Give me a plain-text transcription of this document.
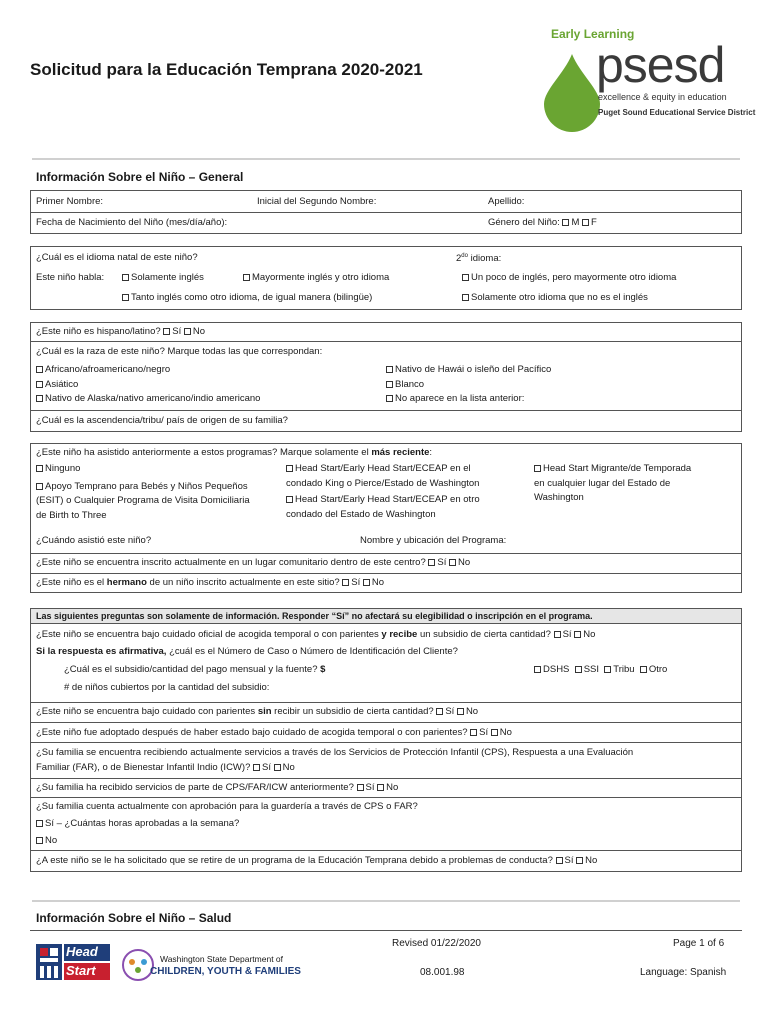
Solicitud para la Educación Temprana 2020-2021
Early Learning
psesd
excellence & equity in education
Puget Sound Educational Service District
Información Sobre el Niño – General
Primer Nombre:	Inicial del Segundo Nombre:	Apellido:
Fecha de Nacimiento del Niño (mes/día/año):	Género del Niño: M F
¿Cuál es el idioma natal de este niño?	$2^{do}$ idioma:
Este niño habla:	Solamente inglés	Mayormente inglés y otro idioma	Un poco de inglés, pero mayormente otro idioma
Tanto inglés como otro idioma, de igual manera (bilingüe)	Solamente otro idioma que no es el inglés
¿Este niño es hispano/latino? Sí No
¿Cuál es la raza de este niño? Marque todas las que correspondan:
Africano/afroamericano/negro
Asiático
Nativo de Alaska/nativo americano/indio americano
Nativo de Hawái o isleño del Pacífico
Blanco
No aparece en la lista anterior:
¿Cuál es la ascendencia/tribu/ país de origen de su familia?
¿Este niño ha asistido anteriormente a estos programas? Marque solamente el más reciente:
Ninguno
Apoyo Temprano para Bebés y Niños Pequeños
(ESIT) o Cualquier Programa de Visita Domiciliaria
de Birth to Three
Head Start/Early Head Start/ECEAP en el
condado King o Pierce/Estado de Washington
Head Start/Early Head Start/ECEAP en otro
condado del Estado de Washington
Head Start Migrante/de Temporada
en cualquier lugar del Estado de
Washington
¿Cuándo asistió este niño?	Nombre y ubicación del Programa:
¿Este niño se encuentra inscrito actualmente en un lugar comunitario dentro de este centro? Sí No
¿Este niño es el hermano de un niño inscrito actualmente en este sitio? Sí No
Las siguientes preguntas son solamente de información. Responder “Sí” no afectará su elegibilidad o inscripción en el programa.
¿Este niño se encuentra bajo cuidado oficial de acogida temporal o con parientes y recibe un subsidio de cierta cantidad? Sí No
Si la respuesta es afirmativa, ¿cuál es el Número de Caso o Número de Identificación del Cliente?
¿Cuál es el subsidio/cantidad del pago mensual y la fuente? $	DSHS SSI Tribu Otro
# de niños cubiertos por la cantidad del subsidio:
¿Este niño se encuentra bajo cuidado con parientes sin recibir un subsidio de cierta cantidad? Sí No
¿Este niño fue adoptado después de haber estado bajo cuidado de acogida temporal o con parientes? Sí No
¿Su familia se encuentra recibiendo actualmente servicios a través de los Servicios de Protección Infantil (CPS), Respuesta a una Evaluación
Familiar (FAR), o de Bienestar Infantil Indio (ICW)? Sí No
¿Su familia ha recibido servicios de parte de CPS/FAR/ICW anteriormente? Sí No
¿Su familia cuenta actualmente con aprobación para la guardería a través de CPS o FAR?
Sí – ¿Cuántas horas aprobadas a la semana?
No
¿A este niño se le ha solicitado que se retire de un programa de la Educación Temprana debido a problemas de conducta? Sí No
Información Sobre el Niño – Salud
Head
Start
Washington State Department of
CHILDREN, YOUTH & FAMILIES
Revised 01/22/2020
08.001.98
Page 1 of 6
Language: Spanish
